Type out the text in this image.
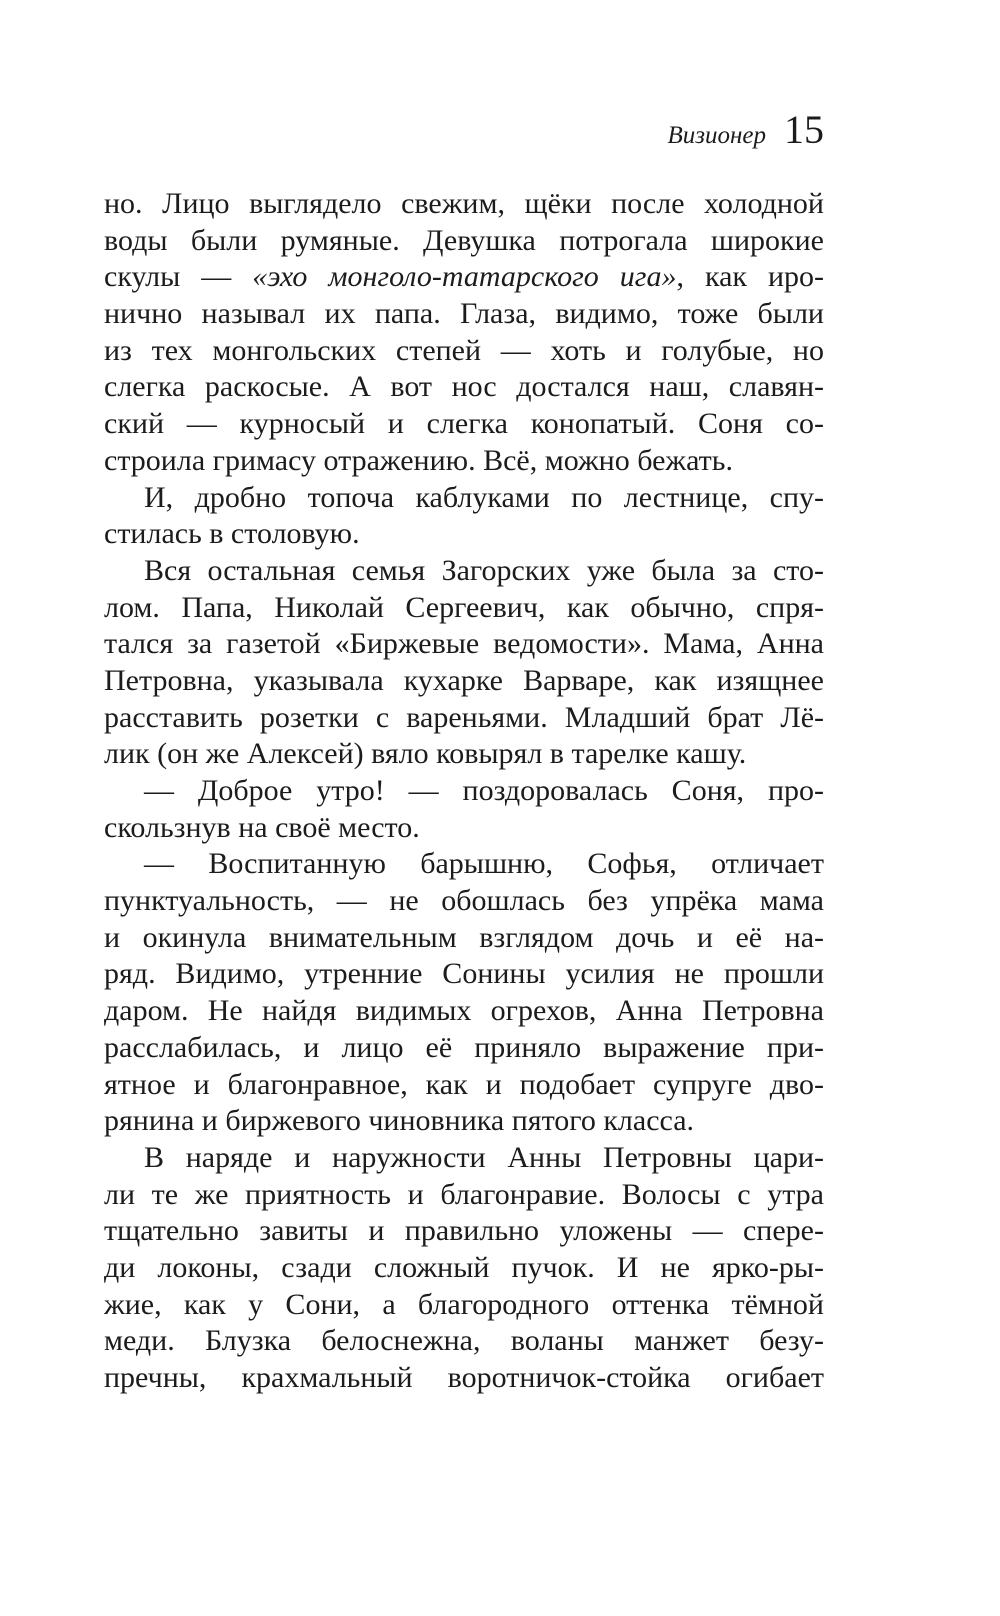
Визионер 15
но. Лицо выглядело свежим, щёки после холодной
воды были румяные. Девушка потрогала широкие
скулы — «эхо монголо-татарского ига», как иро-
нично называл их папа. Глаза, видимо, тоже были
из тех монгольских степей — хоть и голубые, но
слегка раскосые. А вот нос достался наш, славян-
ский — курносый и слегка конопатый. Соня со-
строила гримасу отражению. Всё, можно бежать.
И, дробно топоча каблуками по лестнице, спу-
стилась в столовую.
Вся остальная семья Загорских уже была за сто-
лом. Папа, Николай Сергеевич, как обычно, спря-
тался за газетой «Биржевые ведомости». Мама, Анна
Петровна, указывала кухарке Варваре, как изящнее
расставить розетки с вареньями. Младший брат Лё-
лик (он же Алексей) вяло ковырял в тарелке кашу.
— Доброе утро! — поздоровалась Соня, про-
скользнув на своё место.
— Воспитанную барышню, Софья, отличает
пунктуальность, — не обошлась без упрёка мама
и окинула внимательным взглядом дочь и её на-
ряд. Видимо, утренние Сонины усилия не прошли
даром. Не найдя видимых огрехов, Анна Петровна
расслабилась, и лицо её приняло выражение при-
ятное и благонравное, как и подобает супруге дво-
рянина и биржевого чиновника пятого класса.
В наряде и наружности Анны Петровны цари-
ли те же приятность и благонравие. Волосы с утра
тщательно завиты и правильно уложены — спере-
ди локоны, сзади сложный пучок. И не ярко-ры-
жие, как у Сони, а благородного оттенка тёмной
меди. Блузка белоснежна, воланы манжет безу-
пречны, крахмальный воротничок-стойка огибает
